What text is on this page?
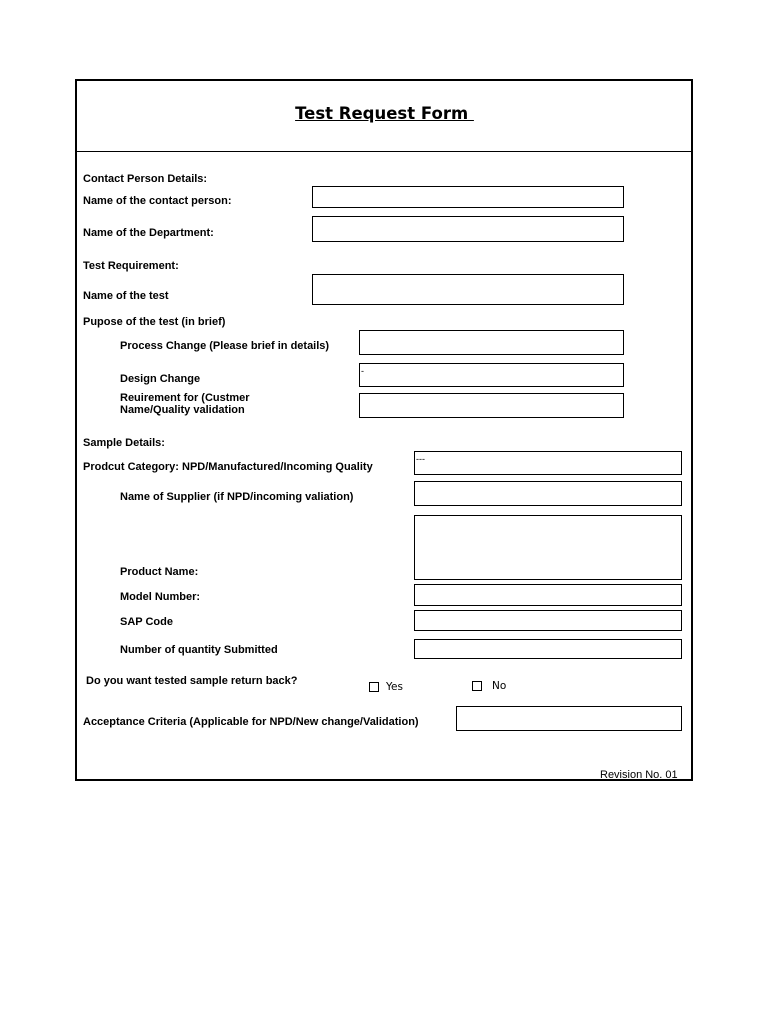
Test Request Form
Contact Person Details:
Name of the contact person:
Name of the Department:
Test Requirement:
Name of the test
Pupose of the test (in brief)
Process Change (Please brief in details)
Design Change
-
Reuirement for (Custmer
Name/Quality validation
Sample Details:
Prodcut Category: NPD/Manufactured/Incoming Quality
---
Name of Supplier (if NPD/incoming valiation)
Product Name:
Model Number:
SAP Code
Number of quantity Submitted
Do you want tested sample return back?	Yes	No
Acceptance Criteria (Applicable for NPD/New change/Validation)
Revision No. 01
